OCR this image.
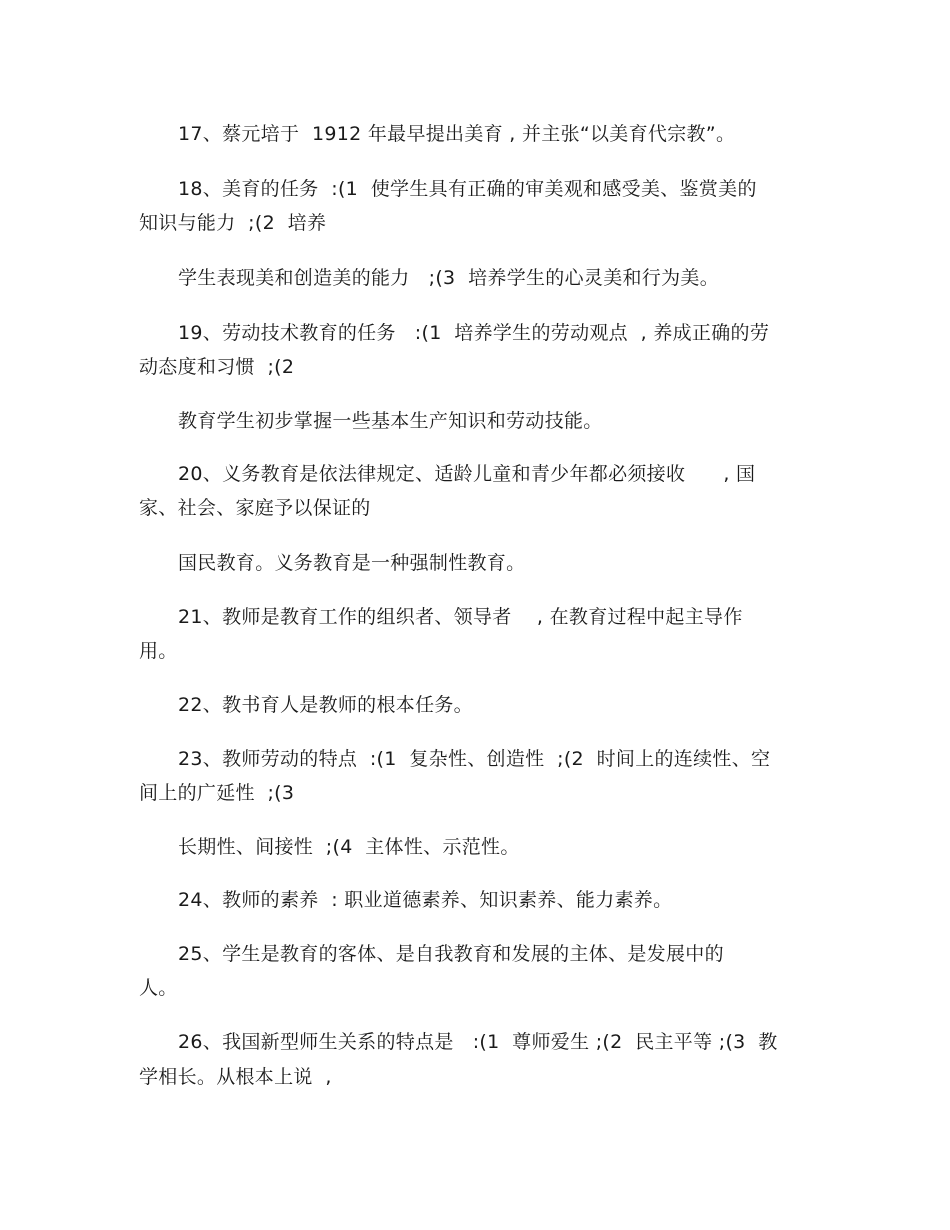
17、蔡元培于  1912 年最早提出美育 , 并主张“以美育代宗教”。
18、美育的任务  :(1  使学生具有正确的审美观和感受美、鉴赏美的
知识与能力  ;(2  培养
学生表现美和创造美的能力   ;(3  培养学生的心灵美和行为美。
19、劳动技术教育的任务   :(1  培养学生的劳动观点  , 养成正确的劳
动态度和习惯  ;(2
教育学生初步掌握一些基本生产知识和劳动技能。
20、义务教育是依法律规定、适龄儿童和青少年都必须接收      , 国
家、社会、家庭予以保证的
国民教育。义务教育是一种强制性教育。
21、教师是教育工作的组织者、领导者    , 在教育过程中起主导作
用。
22、教书育人是教师的根本任务。
23、教师劳动的特点  :(1  复杂性、创造性  ;(2  时间上的连续性、空
间上的广延性  ;(3
长期性、间接性  ;(4  主体性、示范性。
24、教师的素养  : 职业道德素养、知识素养、能力素养。
25、学生是教育的客体、是自我教育和发展的主体、是发展中的
人。
26、我国新型师生关系的特点是   :(1  尊师爱生 ;(2  民主平等 ;(3  教
学相长。从根本上说  ,
